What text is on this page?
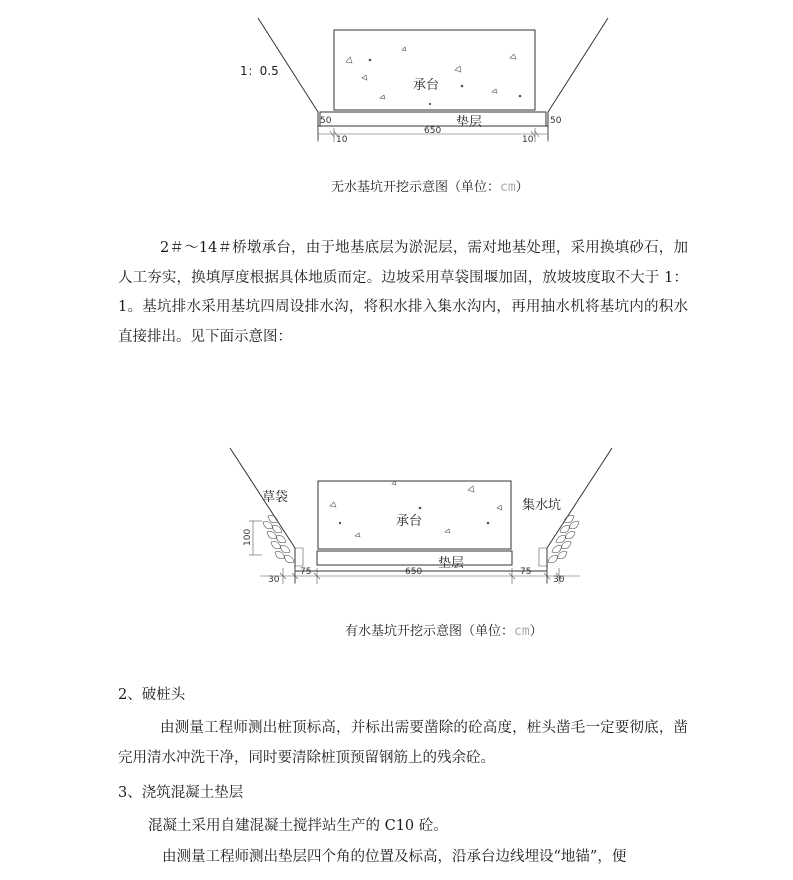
1：0.5
承台
垫层
50
10
650
10
50
无水基坑开挖示意图（单位：cm）

2＃～14＃桥墩承台，由于地基底层为淤泥层，需对地基处理，采用换填砂石，加人工夯实，换填厚度根据具体地质而定。边坡采用草袋围堰加固，放坡坡度取不大于 1：1。基坑排水采用基坑四周设排水沟，将积水排入集水沟内，再用抽水机将基坑内的积水直接排出。见下面示意图：

草袋
集水坑
承台
垫层
100
30
75	650	75
30
有水基坑开挖示意图（单位：cm）

2、破桩头

由测量工程师测出桩顶标高，并标出需要凿除的砼高度，桩头凿毛一定要彻底，凿完用清水冲洗干净，同时要清除桩顶预留钢筋上的残余砼。

3、浇筑混凝土垫层

混凝土采用自建混凝土搅拌站生产的 C10 砼。

由测量工程师测出垫层四个角的位置及标高，沿承台边线埋设“地锚”，便
